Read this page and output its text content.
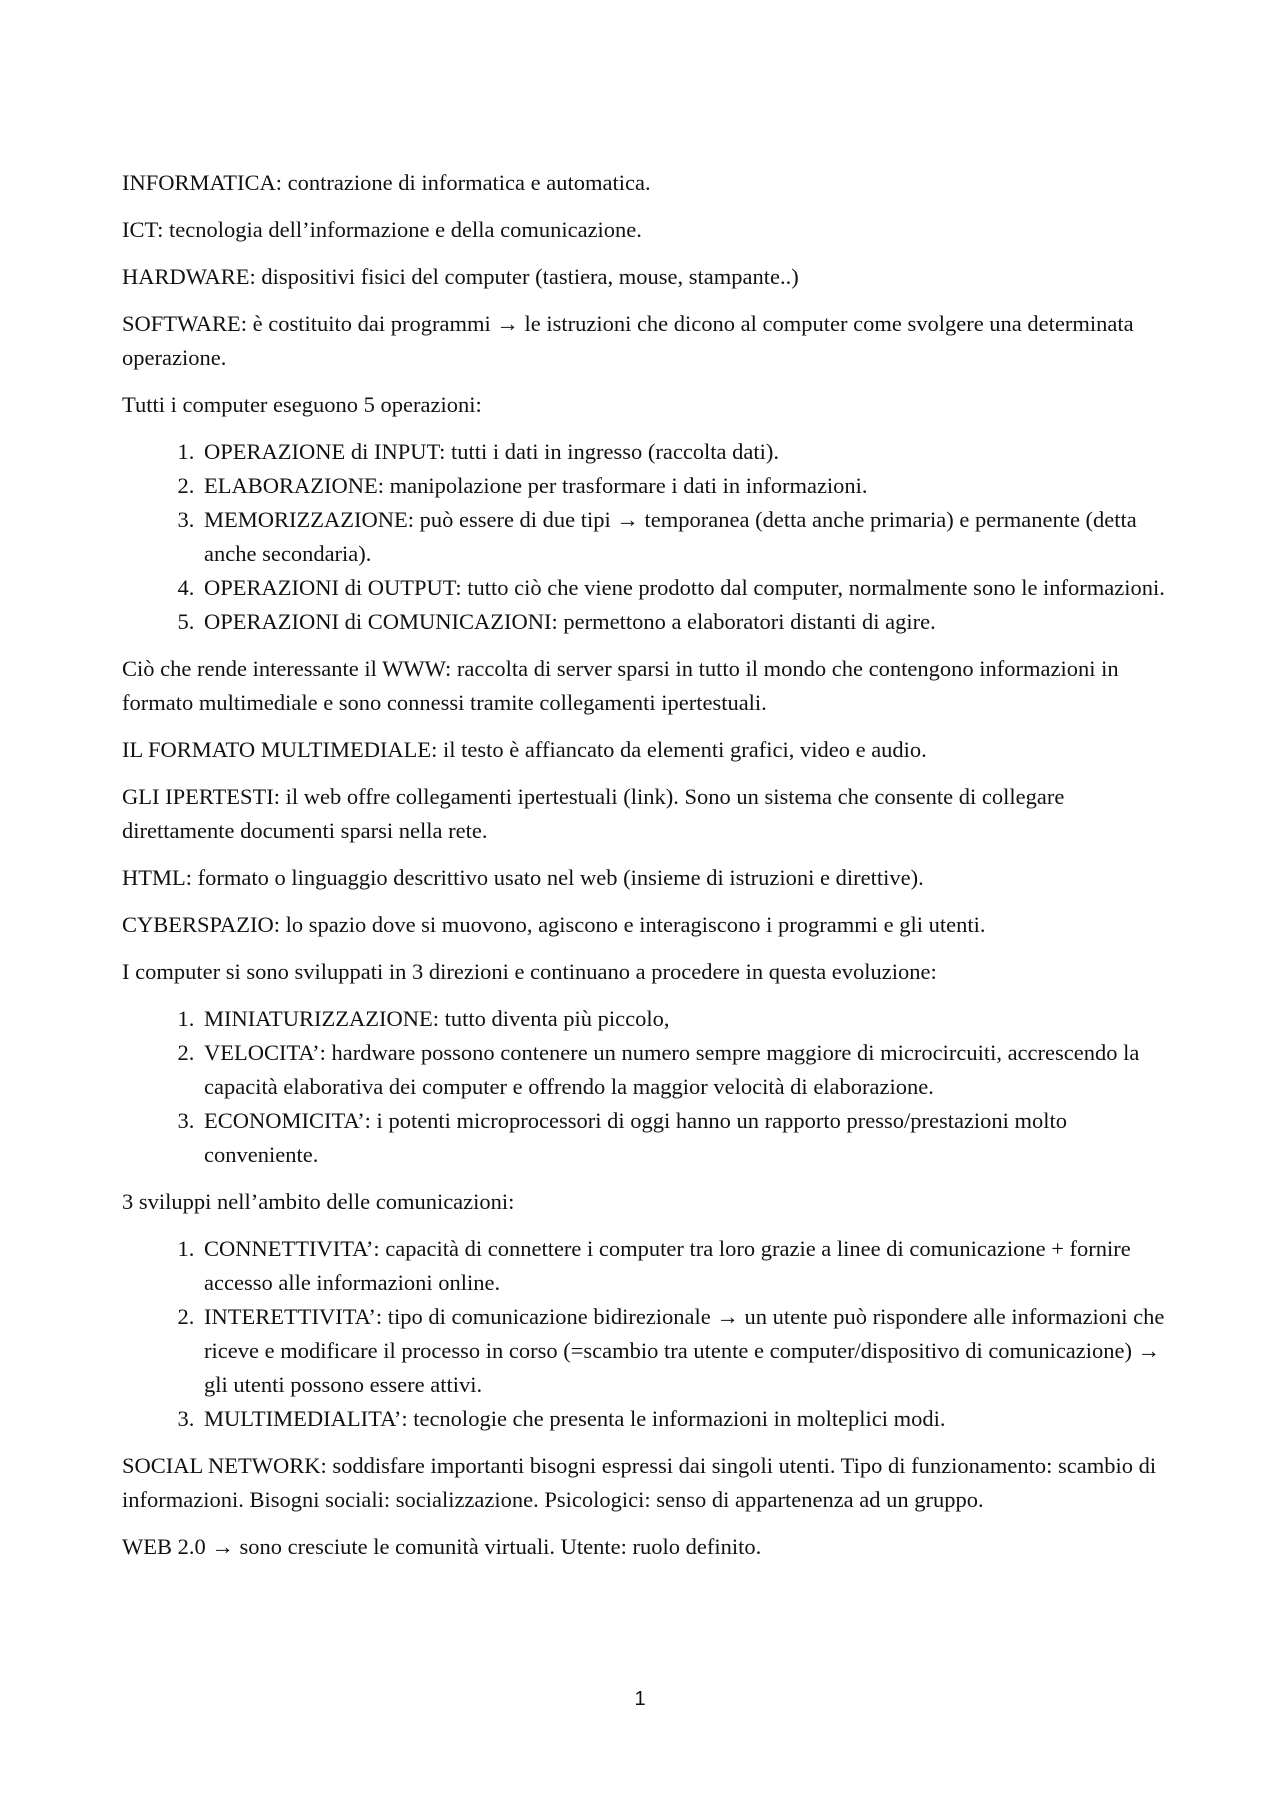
INFORMATICA: contrazione di informatica e automatica.

ICT: tecnologia dell’informazione e della comunicazione.

HARDWARE: dispositivi fisici del computer (tastiera, mouse, stampante..)

SOFTWARE: è costituito dai programmi → le istruzioni che dicono al computer come svolgere una determinata operazione.

Tutti i computer eseguono 5 operazioni:

1. OPERAZIONE di INPUT: tutti i dati in ingresso (raccolta dati).
2. ELABORAZIONE: manipolazione per trasformare i dati in informazioni.
3. MEMORIZZAZIONE: può essere di due tipi → temporanea (detta anche primaria) e permanente (detta anche secondaria).
4. OPERAZIONI di OUTPUT: tutto ciò che viene prodotto dal computer, normalmente sono le informazioni.
5. OPERAZIONI di COMUNICAZIONI: permettono a elaboratori distanti di agire.

Ciò che rende interessante il WWW: raccolta di server sparsi in tutto il mondo che contengono informazioni in formato multimediale e sono connessi tramite collegamenti ipertestuali.

IL FORMATO MULTIMEDIALE: il testo è affiancato da elementi grafici, video e audio.

GLI IPERTESTI: il web offre collegamenti ipertestuali (link). Sono un sistema che consente di collegare direttamente documenti sparsi nella rete.

HTML: formato o linguaggio descrittivo usato nel web (insieme di istruzioni e direttive).

CYBERSPAZIO: lo spazio dove si muovono, agiscono e interagiscono i programmi e gli utenti.

I computer si sono sviluppati in 3 direzioni e continuano a procedere in questa evoluzione:

1. MINIATURIZZAZIONE: tutto diventa più piccolo,
2. VELOCITA’: hardware possono contenere un numero sempre maggiore di microcircuiti, accrescendo la capacità elaborativa dei computer e offrendo la maggior velocità di elaborazione.
3. ECONOMICITA’: i potenti microprocessori di oggi hanno un rapporto presso/prestazioni molto conveniente.

3 sviluppi nell’ambito delle comunicazioni:

1. CONNETTIVITA’: capacità di connettere i computer tra loro grazie a linee di comunicazione + fornire accesso alle informazioni online.
2. INTERETTIVITA’: tipo di comunicazione bidirezionale → un utente può rispondere alle informazioni che riceve e modificare il processo in corso (=scambio tra utente e computer/dispositivo di comunicazione) → gli utenti possono essere attivi.
3. MULTIMEDIALITA’: tecnologie che presenta le informazioni in molteplici modi.

SOCIAL NETWORK: soddisfare importanti bisogni espressi dai singoli utenti. Tipo di funzionamento: scambio di informazioni. Bisogni sociali: socializzazione. Psicologici: senso di appartenenza ad un gruppo.

WEB 2.0 → sono cresciute le comunità virtuali. Utente: ruolo definito.

1
